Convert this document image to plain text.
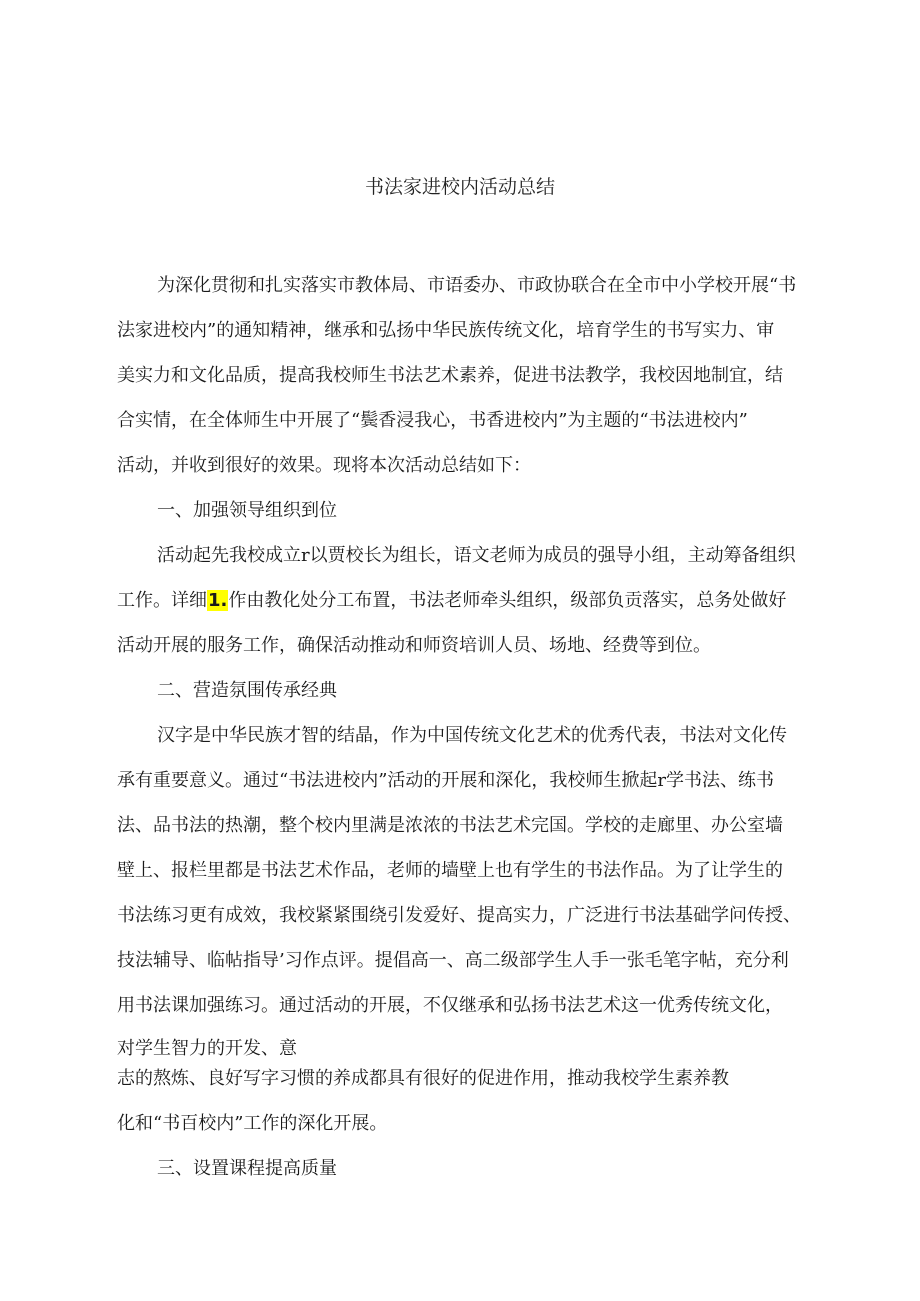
书法家进校内活动总结
为深化贯彻和扎实落实市教体局、市语委办、市政协联合在全市中小学校开展“书
法家进校内”的通知精神，继承和弘扬中华民族传统文化，培育学生的书写实力、审
美实力和文化品质，提高我校师生书法艺术素养，促进书法教学，我校因地制宜，结
合实情，在全体师生中开展了“鬓香浸我心，书香进校内”为主题的“书法进校内”
活动，并收到很好的效果。现将本次活动总结如下：
一、加强领导组织到位
活动起先我校成立r以贾校长为组长，语文老师为成员的强导小组，主动筹备组织
工作。详细1.作由教化处分工布置，书法老师牵头组织，级部负贡落实，总务处做好
活动开展的服务工作，确保活动推动和师资培训人员、场地、经费等到位。
二、营造氛围传承经典
汉字是中华民族才智的结晶，作为中国传统文化艺术的优秀代表，书法对文化传
承有重要意义。通过“书法进校内”活动的开展和深化，我校师生掀起r学书法、练书
法、品书法的热潮，整个校内里满是浓浓的书法艺术完国。学校的走廊里、办公室墙
壁上、报栏里都是书法艺术作品，老师的墙壁上也有学生的书法作品。为了让学生的
书法练习更有成效，我校紧紧围绕引发爱好、提高实力，广泛进行书法基础学问传授、
技法辅导、临帖指导’习作点评。提倡高一、高二级部学生人手一张毛笔字帖，充分利
用书法课加强练习。通过活动的开展，不仅继承和弘扬书法艺术这一优秀传统文化，
对学生智力的开发、意
志的熬炼、良好写字习惯的养成都具有很好的促进作用，推动我校学生素养教
化和“书百校内”工作的深化开展。
三、设置课程提高质量
